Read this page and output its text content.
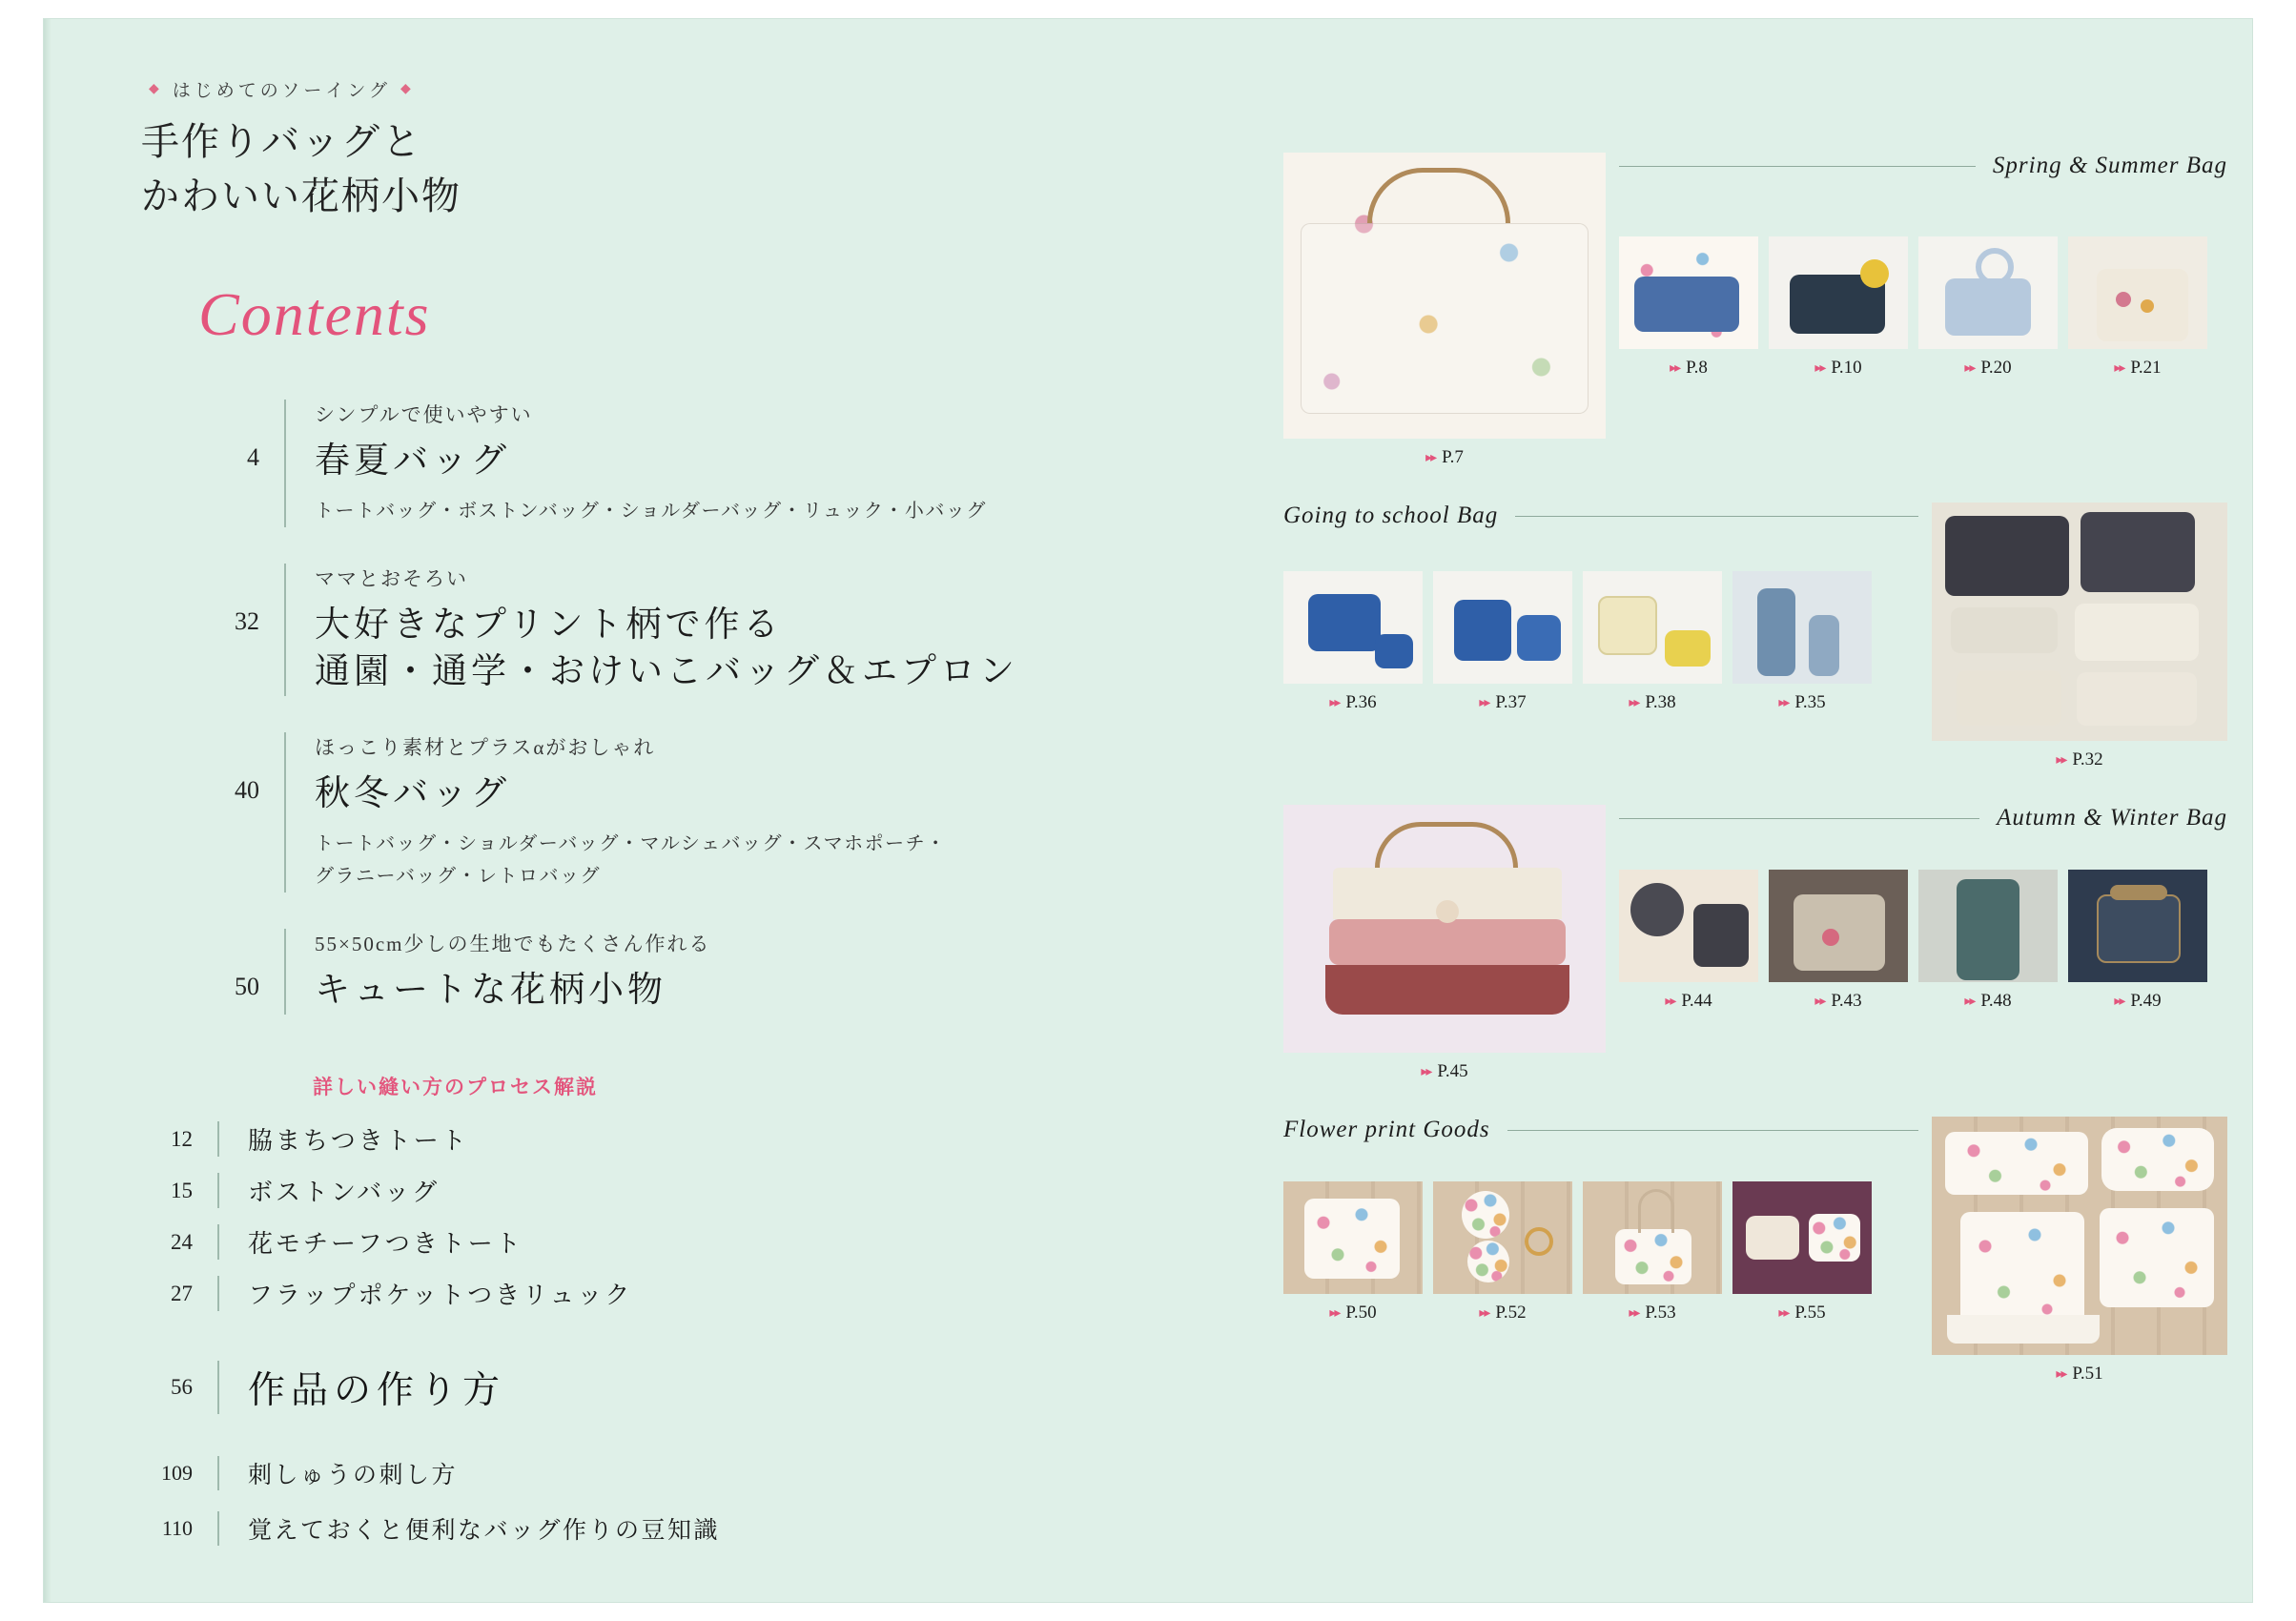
◆ はじめてのソーイング ◆
手作りバッグと
かわいい花柄小物
Contents
4
シンプルで使いやすい
春夏バッグ
トートバッグ・ボストンバッグ・ショルダーバッグ・リュック・小バッグ
32
ママとおそろい
大好きなプリント柄で作る
通園・通学・おけいこバッグ＆エプロン
40
ほっこり素材とプラスαがおしゃれ
秋冬バッグ
トートバッグ・ショルダーバッグ・マルシェバッグ・スマホポーチ・
グラニーバッグ・レトロバッグ
50
55×50cm少しの生地でもたくさん作れる
キュートな花柄小物
詳しい縫い方のプロセス解説
12	脇まちつきトート
15	ボストンバッグ
24	花モチーフつきトート
27	フラップポケットつきリュック
56	作品の作り方
109	刺しゅうの刺し方
110	覚えておくと便利なバッグ作りの豆知識
▸▸ P.7
Spring & Summer Bag
▸▸ P.8	▸▸ P.10	▸▸ P.20	▸▸ P.21
Going to school Bag
▸▸ P.36	▸▸ P.37	▸▸ P.38	▸▸ P.35
▸▸ P.32
▸▸ P.45
Autumn & Winter Bag
▸▸ P.44	▸▸ P.43	▸▸ P.48	▸▸ P.49
Flower print Goods
▸▸ P.50	▸▸ P.52	▸▸ P.53	▸▸ P.55
▸▸ P.51
